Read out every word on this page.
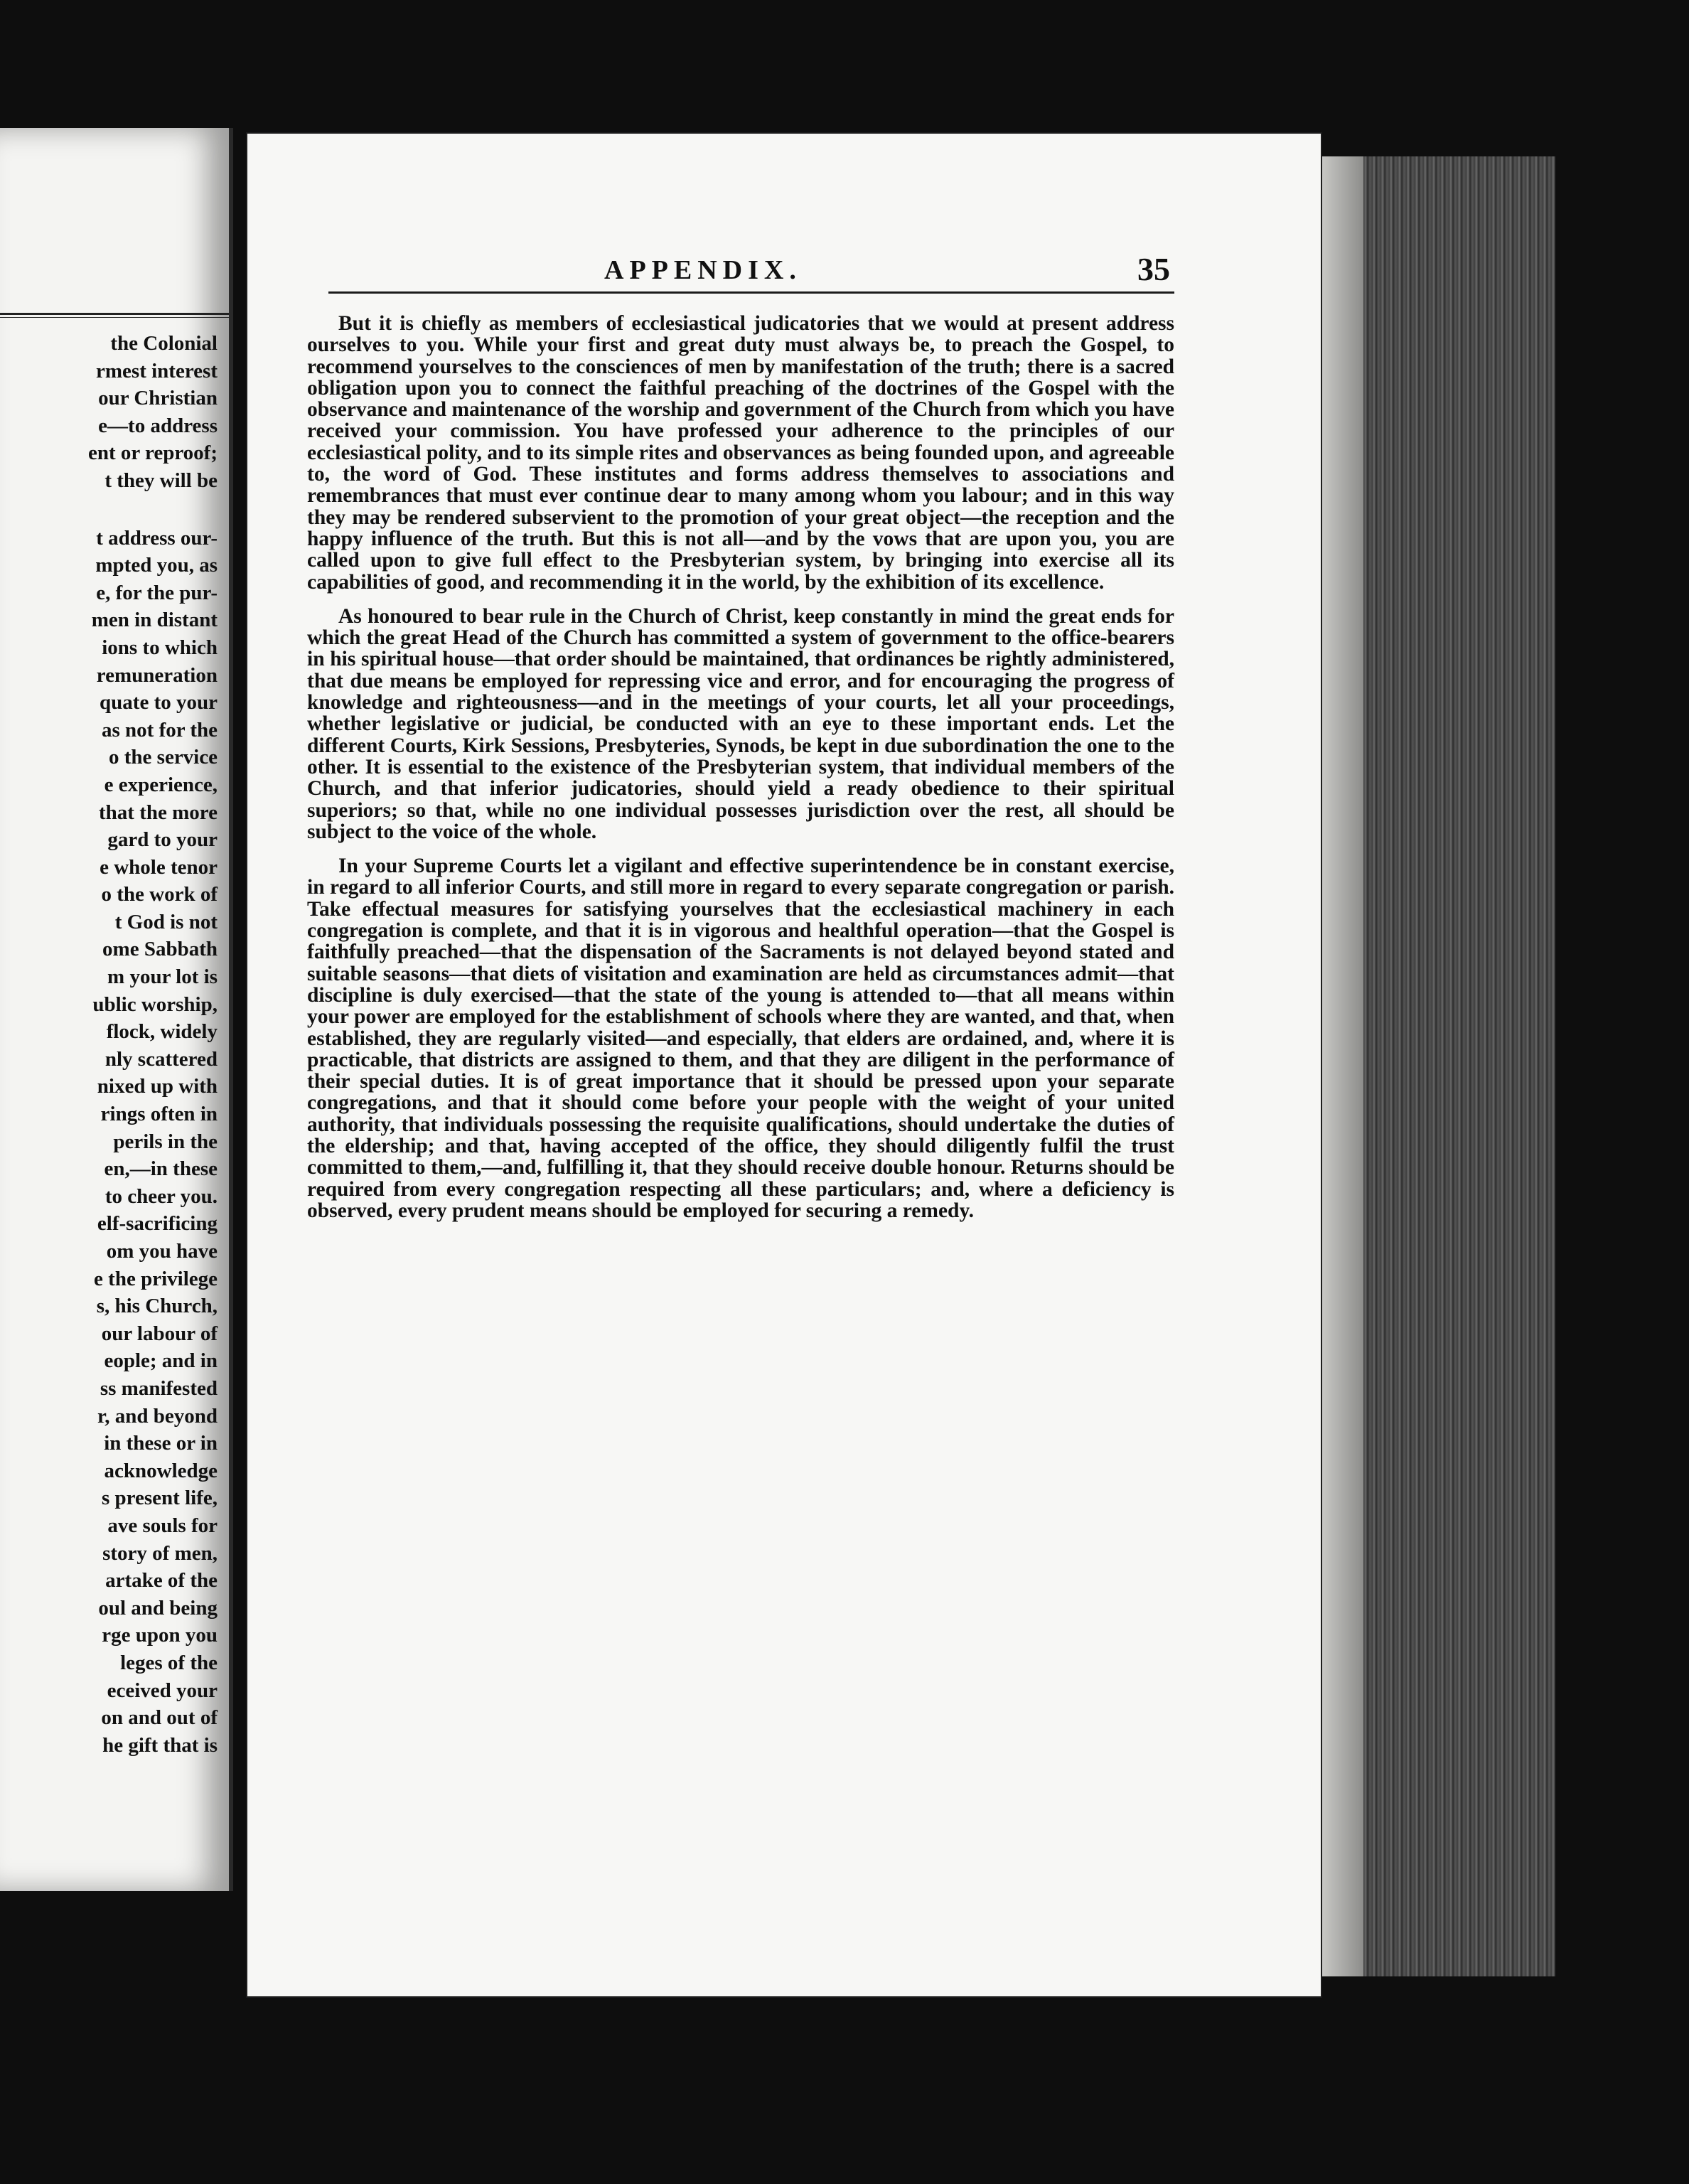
the Colonial
rmest interest
our Christian
e—to address
ent or reproof;
t they will be
t address our-
mpted you, as
e, for the pur-
men in distant
ions to which
remuneration
quate to your
as not for the
o the service
e experience,
that the more
gard to your
e whole tenor
o the work of
t God is not
ome Sabbath
m your lot is
ublic worship,
flock, widely
nly scattered
nixed up with
rings often in
perils in the
en,—in these
to cheer you.
elf-sacrificing
om you have
e the privilege
s, his Church,
our labour of
eople; and in
ss manifested
r, and beyond
in these or in
acknowledge
s present life,
ave souls for
story of men,
artake of the
oul and being
rge upon you
leges of the
eceived your
on and out of
he gift that is
APPENDIX.	35

But it is chiefly as members of ecclesiastical judicatories that we would at present address ourselves to you. While your first and great duty must always be, to preach the Gospel, to recommend yourselves to the consciences of men by manifestation of the truth; there is a sacred obligation upon you to connect the faithful preaching of the doctrines of the Gospel with the observance and maintenance of the worship and government of the Church from which you have received your commission. You have professed your adherence to the principles of our ecclesiastical polity, and to its simple rites and observances as being founded upon, and agreeable to, the word of God. These institutes and forms address themselves to associations and remembrances that must ever continue dear to many among whom you labour; and in this way they may be rendered subservient to the promotion of your great object—the reception and the happy influence of the truth. But this is not all—and by the vows that are upon you, you are called upon to give full effect to the Presbyterian system, by bringing into exercise all its capabilities of good, and recommending it in the world, by the exhibition of its excellence.

As honoured to bear rule in the Church of Christ, keep constantly in mind the great ends for which the great Head of the Church has committed a system of government to the office-bearers in his spiritual house—that order should be maintained, that ordinances be rightly administered, that due means be employed for repressing vice and error, and for encouraging the progress of knowledge and righteousness—and in the meetings of your courts, let all your proceedings, whether legislative or judicial, be conducted with an eye to these important ends. Let the different Courts, Kirk Sessions, Presbyteries, Synods, be kept in due subordination the one to the other. It is essential to the existence of the Presbyterian system, that individual members of the Church, and that inferior judicatories, should yield a ready obedience to their spiritual superiors; so that, while no one individual possesses jurisdiction over the rest, all should be subject to the voice of the whole.

In your Supreme Courts let a vigilant and effective superintendence be in constant exercise, in regard to all inferior Courts, and still more in regard to every separate congregation or parish. Take effectual measures for satisfying yourselves that the ecclesiastical machinery in each congregation is complete, and that it is in vigorous and healthful operation—that the Gospel is faithfully preached—that the dispensation of the Sacraments is not delayed beyond stated and suitable seasons—that diets of visitation and examination are held as circumstances admit—that discipline is duly exercised—that the state of the young is attended to—that all means within your power are employed for the establishment of schools where they are wanted, and that, when established, they are regularly visited—and especially, that elders are ordained, and, where it is practicable, that districts are assigned to them, and that they are diligent in the performance of their special duties. It is of great importance that it should be pressed upon your separate congregations, and that it should come before your people with the weight of your united authority, that individuals possessing the requisite qualifications, should undertake the duties of the eldership; and that, having accepted of the office, they should diligently fulfil the trust committed to them,—and, fulfilling it, that they should receive double honour. Returns should be required from every congregation respecting all these particulars; and, where a deficiency is observed, every prudent means should be employed for securing a remedy.
